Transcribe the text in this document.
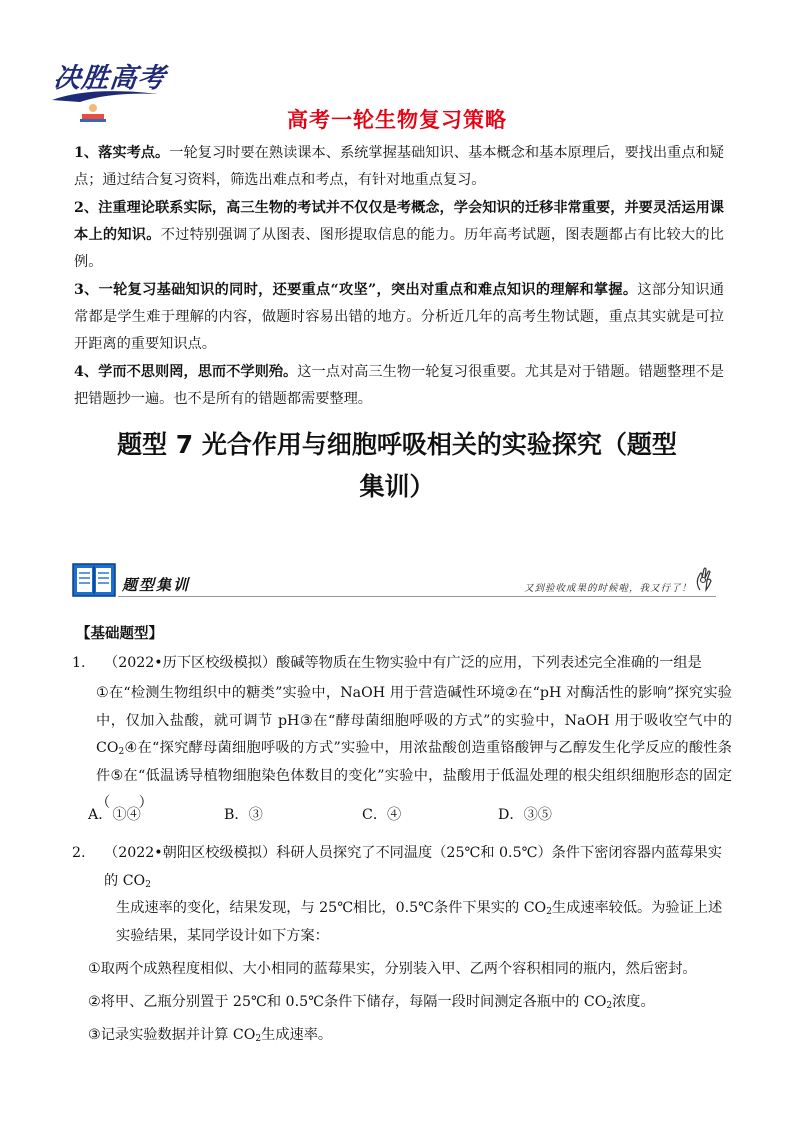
决胜高考
高考一轮生物复习策略

1、落实考点。一轮复习时要在熟读课本、系统掌握基础知识、基本概念和基本原理后，要找出重点和疑点；通过结合复习资料，筛选出难点和考点，有针对地重点复习。

2、注重理论联系实际，高三生物的考试并不仅仅是考概念，学会知识的迁移非常重要，并要灵活运用课本上的知识。不过特别强调了从图表、图形提取信息的能力。历年高考试题，图表题都占有比较大的比例。

3、一轮复习基础知识的同时，还要重点“攻坚”，突出对重点和难点知识的理解和掌握。这部分知识通常都是学生难于理解的内容，做题时容易出错的地方。分析近几年的高考生物试题，重点其实就是可拉开距离的重要知识点。

4、学而不思则罔，思而不学则殆。这一点对高三生物一轮复习很重要。尤其是对于错题。错题整理不是把错题抄一遍。也不是所有的错题都需要整理。

题型 7 光合作用与细胞呼吸相关的实验探究（题型
集训）
题型集训	又到验收成果的时候啦，我又行了！
【基础题型】
1.	（2022•历下区校级模拟）酸碱等物质在生物实验中有广泛的应用，下列表述完全准确的一组是

①在“检测生物组织中的糖类”实验中，NaOH 用于营造碱性环境②在“pH 对酶活性的影响”探究实验中，仅加入盐酸，就可调节 pH③在“酵母菌细胞呼吸的方式”的实验中，NaOH 用于吸收空气中的 $CO_2④$在“探究酵母菌细胞呼吸的方式”实验中，用浓盐酸创造重铬酸钾与乙醇发生化学反应的酸性条件⑤在“低温诱导植物细胞染色体数目的变化”实验中，盐酸用于低温处理的根尖组织细胞形态的固定（　　）

A．①④	B．③	C．④	D．③⑤
2.	（2022•朝阳区校级模拟）科研人员探究了不同温度（25℃和 0.5℃）条件下密闭容器内蓝莓果实的 $CO_2$
生成速率的变化，结果发现，与 25℃相比，0.5℃条件下果实的 $CO_2$生成速率较低。为验证上述实验结果，某同学设计如下方案：

①取两个成熟程度相似、大小相同的蓝莓果实，分别装入甲、乙两个容积相同的瓶内，然后密封。

②将甲、乙瓶分别置于 25℃和 0.5℃条件下储存，每隔一段时间测定各瓶中的 $CO_2$浓度。

③记录实验数据并计算 $CO_2$生成速率。
